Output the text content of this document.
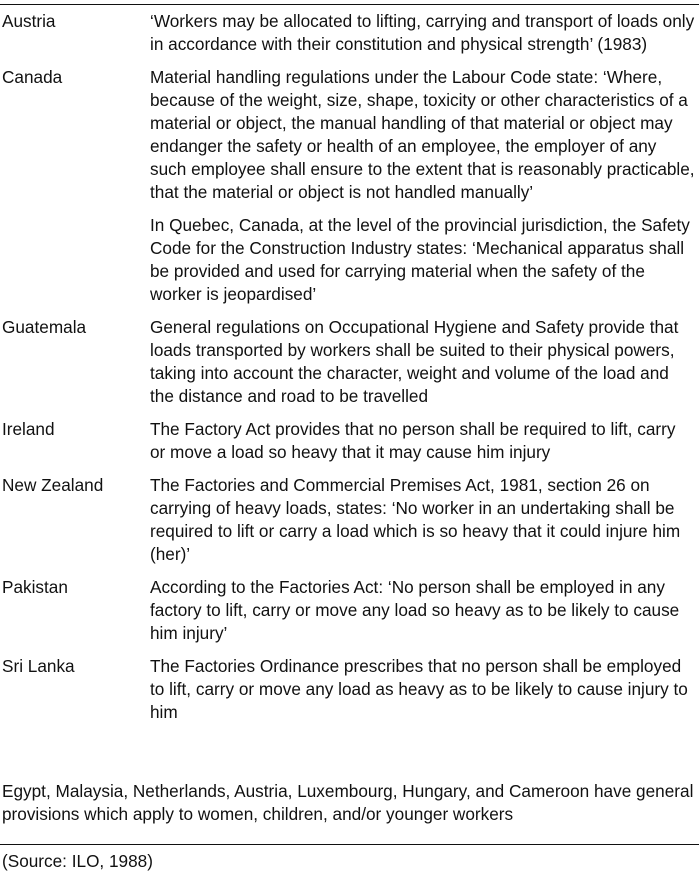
Austria	‘Workers may be allocated to lifting, carrying and transport of loads only in accordance with their constitution and physical strength’ (1983)
Canada	Material handling regulations under the Labour Code state: ‘Where, because of the weight, size, shape, toxicity or other characteristics of a material or object, the manual handling of that material or object may endanger the safety or health of an employee, the employer of any such employee shall ensure to the extent that is reasonably practicable, that the material or object is not handled manually’
In Quebec, Canada, at the level of the provincial jurisdiction, the Safety Code for the Construction Industry states: ‘Mechanical apparatus shall be provided and used for carrying material when the safety of the worker is jeopardised’
Guatemala	General regulations on Occupational Hygiene and Safety provide that loads transported by workers shall be suited to their physical powers, taking into account the character, weight and volume of the load and the distance and road to be travelled
Ireland	The Factory Act provides that no person shall be required to lift, carry or move a load so heavy that it may cause him injury
New Zealand	The Factories and Commercial Premises Act, 1981, section 26 on carrying of heavy loads, states: ‘No worker in an undertaking shall be required to lift or carry a load which is so heavy that it could injure him (her)’
Pakistan	According to the Factories Act: ‘No person shall be employed in any factory to lift, carry or move any load so heavy as to be likely to cause him injury’
Sri Lanka	The Factories Ordinance prescribes that no person shall be employed to lift, carry or move any load as heavy as to be likely to cause injury to him
Egypt, Malaysia, Netherlands, Austria, Luxembourg, Hungary, and Cameroon have general provisions which apply to women, children, and/or younger workers
(Source: ILO, 1988)
